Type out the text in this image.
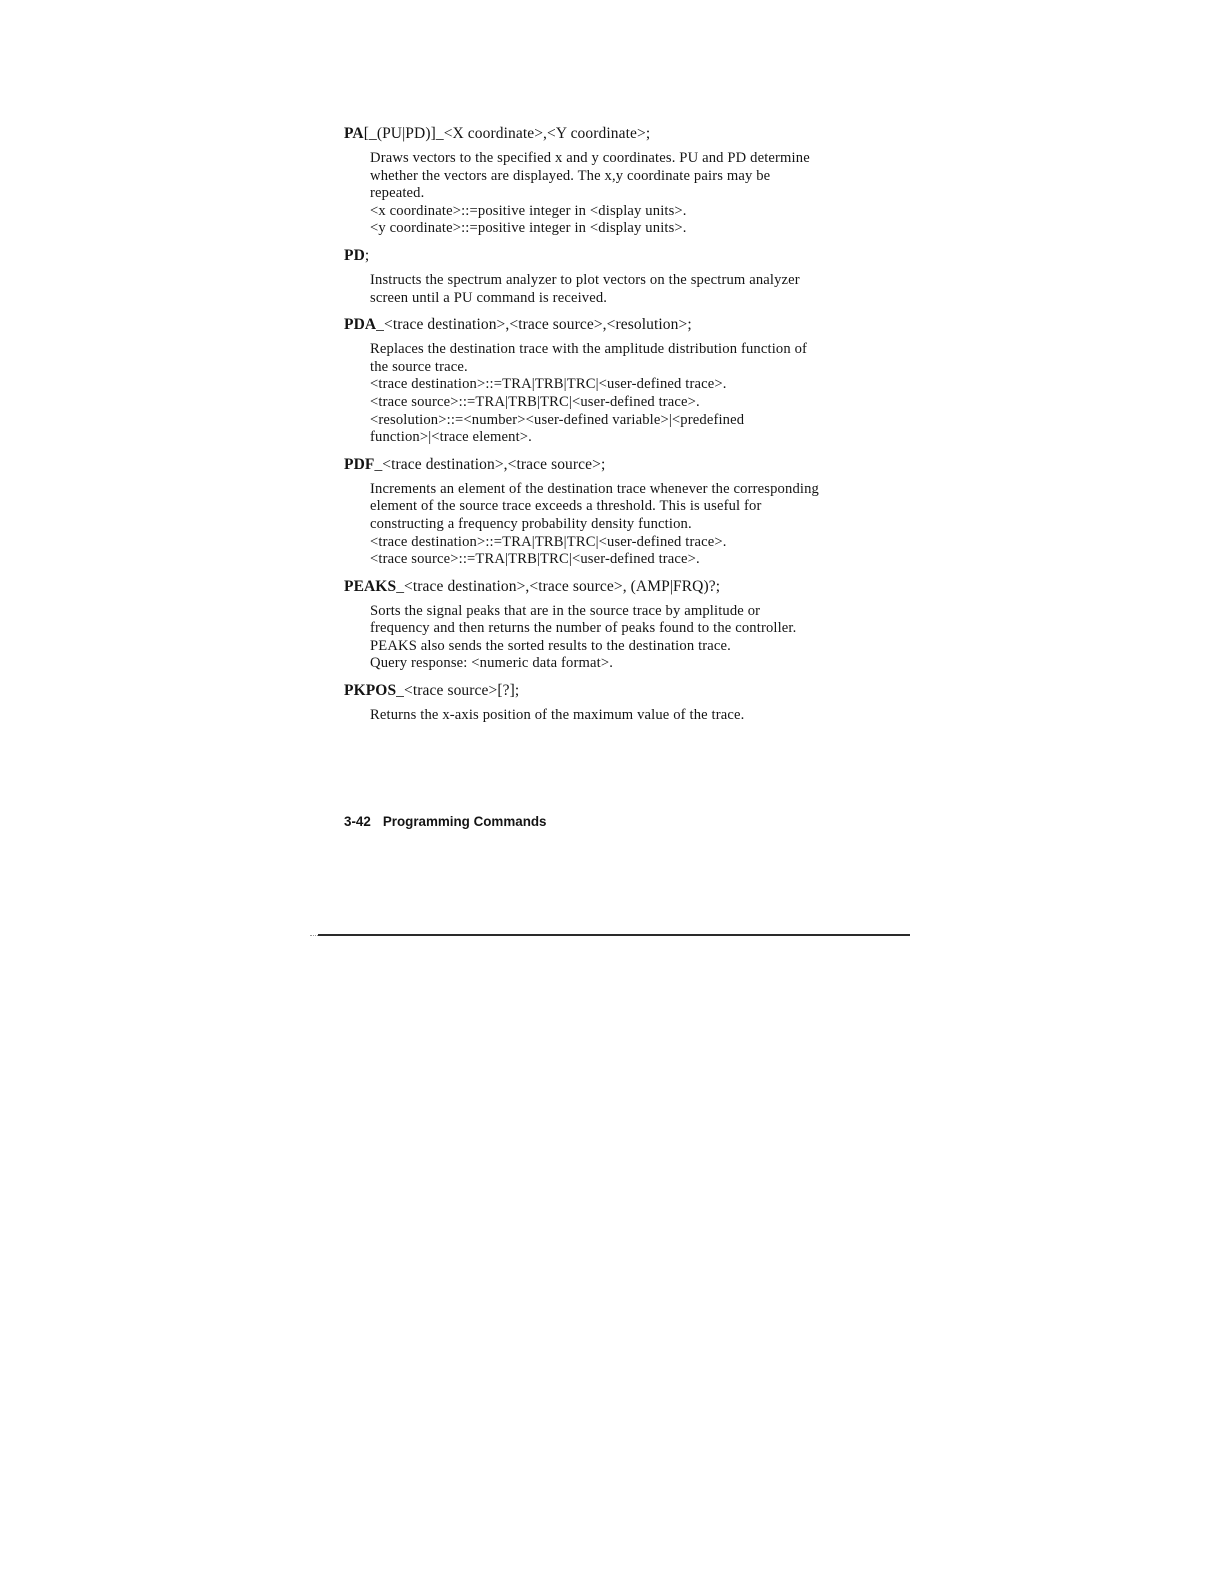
PA[_(PU|PD)]_<X coordinate>,<Y coordinate>;

Draws vectors to the specified x and y coordinates. PU and PD determine

whether the vectors are displayed. The x,y coordinate pairs may be

repeated.

<x coordinate>::=positive integer in <display units>.

<y coordinate>::=positive integer in <display units>.

PD;

Instructs the spectrum analyzer to plot vectors on the spectrum analyzer

screen until a PU command is received.

PDA_<trace destination>,<trace source>,<resolution>;

Replaces the destination trace with the amplitude distribution function of

the source trace.

<trace destination>::=TRA|TRB|TRC|<user-defined trace>.

<trace source>::=TRA|TRB|TRC|<user-defined trace>.

<resolution>::=<number><user-defined variable>|<predefined

function>|<trace element>.

PDF_<trace destination>,<trace source>;

Increments an element of the destination trace whenever the corresponding

element of the source trace exceeds a threshold. This is useful for

constructing a frequency probability density function.

<trace destination>::=TRA|TRB|TRC|<user-defined trace>.

<trace source>::=TRA|TRB|TRC|<user-defined trace>.

PEAKS_<trace destination>,<trace source>, (AMP|FRQ)?;

Sorts the signal peaks that are in the source trace by amplitude or

frequency and then returns the number of peaks found to the controller.

PEAKS also sends the sorted results to the destination trace.

Query response: <numeric data format>.

PKPOS_<trace source>[?];

Returns the x-axis position of the maximum value of the trace.

3-42 Programming Commands
